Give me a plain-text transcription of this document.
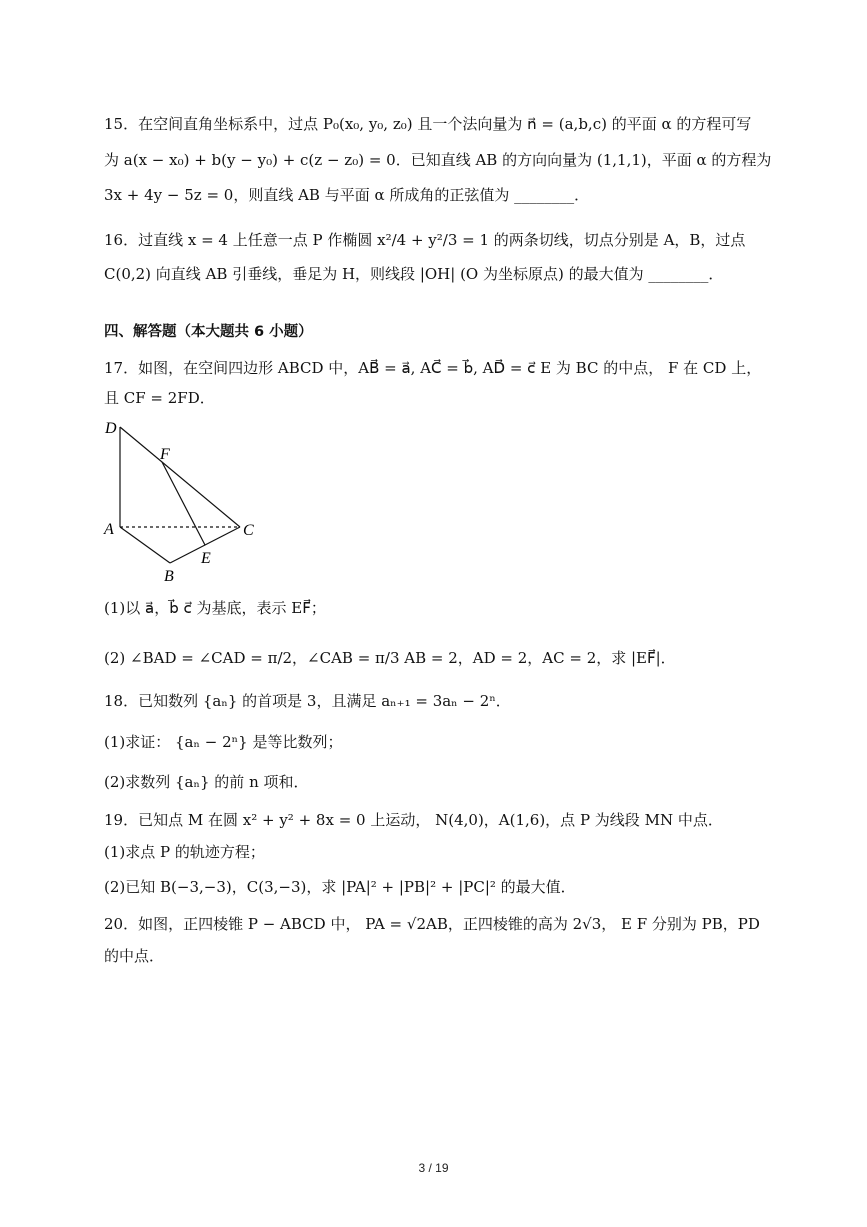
15．在空间直角坐标系中，过点 P₀(x₀, y₀, z₀) 且一个法向量为 n⃗ = (a,b,c) 的平面 α 的方程可写
为 a(x − x₀) + b(y − y₀) + c(z − z₀) = 0．已知直线 AB 的方向向量为 (1,1,1)，平面 α 的方程为
3x + 4y − 5z = 0，则直线 AB 与平面 α 所成角的正弦值为 ________．
16．过直线 x = 4 上任意一点 P 作椭圆 x²/4 + y²/3 = 1 的两条切线，切点分别是 A，B，过点
C(0,2) 向直线 AB 引垂线，垂足为 H，则线段 |OH| (O 为坐标原点) 的最大值为 ________．
四、解答题（本大题共 6 小题）
17．如图，在空间四边形 ABCD 中，AB⃗ = a⃗, AC⃗ = b⃗, AD⃗ = c⃗ E 为 BC 的中点， F 在 CD 上，
且 CF = 2FD．
D
F
A	C
E
B
(1)以 a⃗，b⃗ c⃗ 为基底，表示 EF⃗；
(2) ∠BAD = ∠CAD = π/2，∠CAB = π/3 AB = 2，AD = 2，AC = 2，求 |EF⃗|．
18．已知数列 {aₙ} 的首项是 3，且满足 aₙ₊₁ = 3aₙ − 2ⁿ．
(1)求证： {aₙ − 2ⁿ} 是等比数列；
(2)求数列 {aₙ} 的前 n 项和．
19．已知点 M 在圆 x² + y² + 8x = 0 上运动， N(4,0)，A(1,6)，点 P 为线段 MN 中点．
(1)求点 P 的轨迹方程；
(2)已知 B(−3,−3)，C(3,−3)，求 |PA|² + |PB|² + |PC|² 的最大值．
20．如图，正四棱锥 P − ABCD 中， PA = √2AB，正四棱锥的高为 2√3， E F 分别为 PB，PD
的中点．
3 / 19
